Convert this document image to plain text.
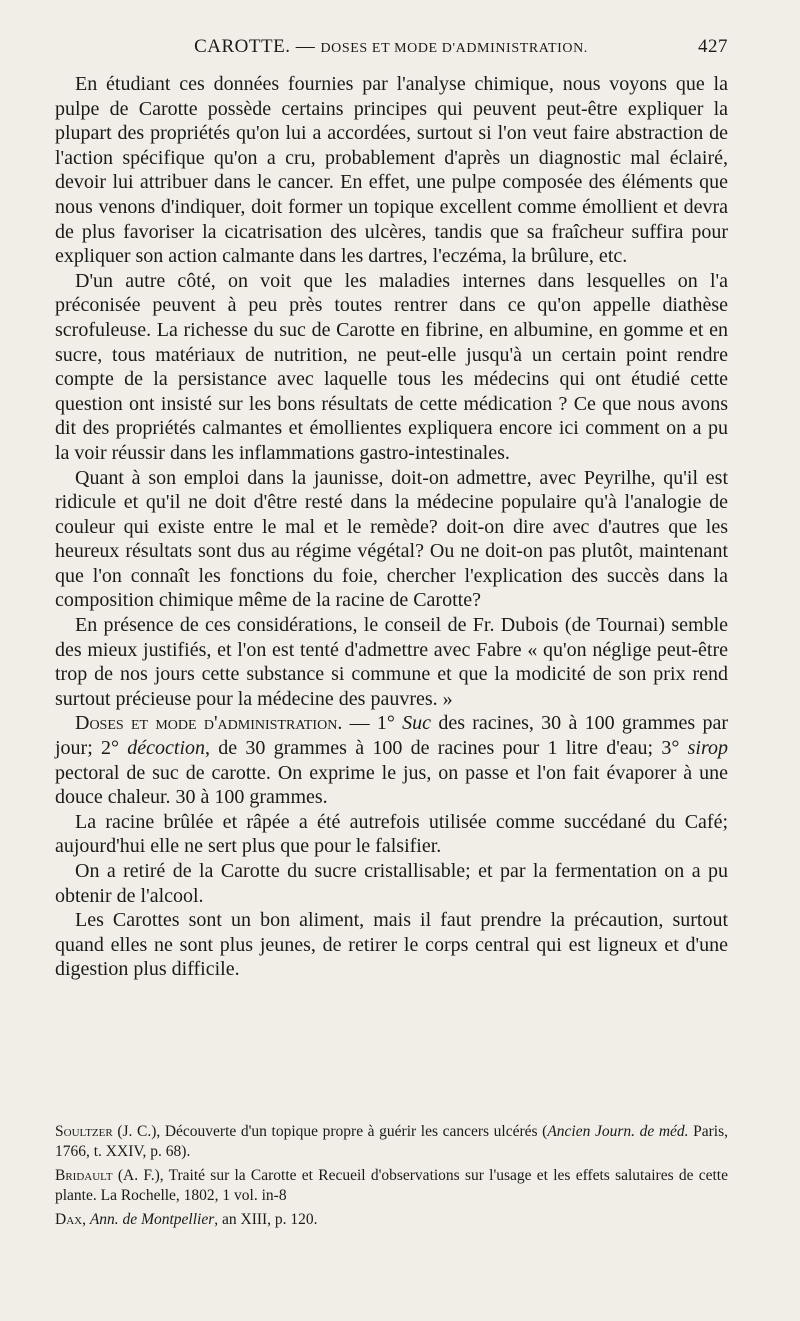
CAROTTE. — DOSES ET MODE D'ADMINISTRATION.	427

En étudiant ces données fournies par l'analyse chimique, nous voyons que la pulpe de Carotte possède certains principes qui peuvent peut-être expliquer la plupart des propriétés qu'on lui a accordées, surtout si l'on veut faire abstraction de l'action spécifique qu'on a cru, probablement d'après un diagnostic mal éclairé, devoir lui attribuer dans le cancer. En effet, une pulpe composée des éléments que nous venons d'indiquer, doit former un topique excellent comme émollient et devra de plus favoriser la cicatrisation des ulcères, tandis que sa fraîcheur suffira pour expliquer son action calmante dans les dartres, l'eczéma, la brûlure, etc.

D'un autre côté, on voit que les maladies internes dans lesquelles on l'a préconisée peuvent à peu près toutes rentrer dans ce qu'on appelle diathèse scrofuleuse. La richesse du suc de Carotte en fibrine, en albumine, en gomme et en sucre, tous matériaux de nutrition, ne peut-elle jusqu'à un certain point rendre compte de la persistance avec laquelle tous les médecins qui ont étudié cette question ont insisté sur les bons résultats de cette médication ? Ce que nous avons dit des propriétés calmantes et émollientes expliquera encore ici comment on a pu la voir réussir dans les inflammations gastro-intestinales.

Quant à son emploi dans la jaunisse, doit-on admettre, avec Peyrilhe, qu'il est ridicule et qu'il ne doit d'être resté dans la médecine populaire qu'à l'analogie de couleur qui existe entre le mal et le remède? doit-on dire avec d'autres que les heureux résultats sont dus au régime végétal? Ou ne doit-on pas plutôt, maintenant que l'on connaît les fonctions du foie, chercher l'explication des succès dans la composition chimique même de la racine de Carotte?

En présence de ces considérations, le conseil de Fr. Dubois (de Tournai) semble des mieux justifiés, et l'on est tenté d'admettre avec Fabre « qu'on néglige peut-être trop de nos jours cette substance si commune et que la modicité de son prix rend surtout précieuse pour la médecine des pauvres. »

Doses et mode d'administration. — 1° Suc des racines, 30 à 100 grammes par jour; 2° décoction, de 30 grammes à 100 de racines pour 1 litre d'eau; 3° sirop pectoral de suc de carotte. On exprime le jus, on passe et l'on fait évaporer à une douce chaleur. 30 à 100 grammes.

La racine brûlée et râpée a été autrefois utilisée comme succédané du Café; aujourd'hui elle ne sert plus que pour le falsifier.

On a retiré de la Carotte du sucre cristallisable; et par la fermentation on a pu obtenir de l'alcool.

Les Carottes sont un bon aliment, mais il faut prendre la précaution, surtout quand elles ne sont plus jeunes, de retirer le corps central qui est ligneux et d'une digestion plus difficile.

Soultzer (J. C.), Découverte d'un topique propre à guérir les cancers ulcérés (Ancien Journ. de méd. Paris, 1766, t. XXIV, p. 68).

Bridault (A. F.), Traité sur la Carotte et Recueil d'observations sur l'usage et les effets salutaires de cette plante. La Rochelle, 1802, 1 vol. in-8

Dax, Ann. de Montpellier, an XIII, p. 120.
